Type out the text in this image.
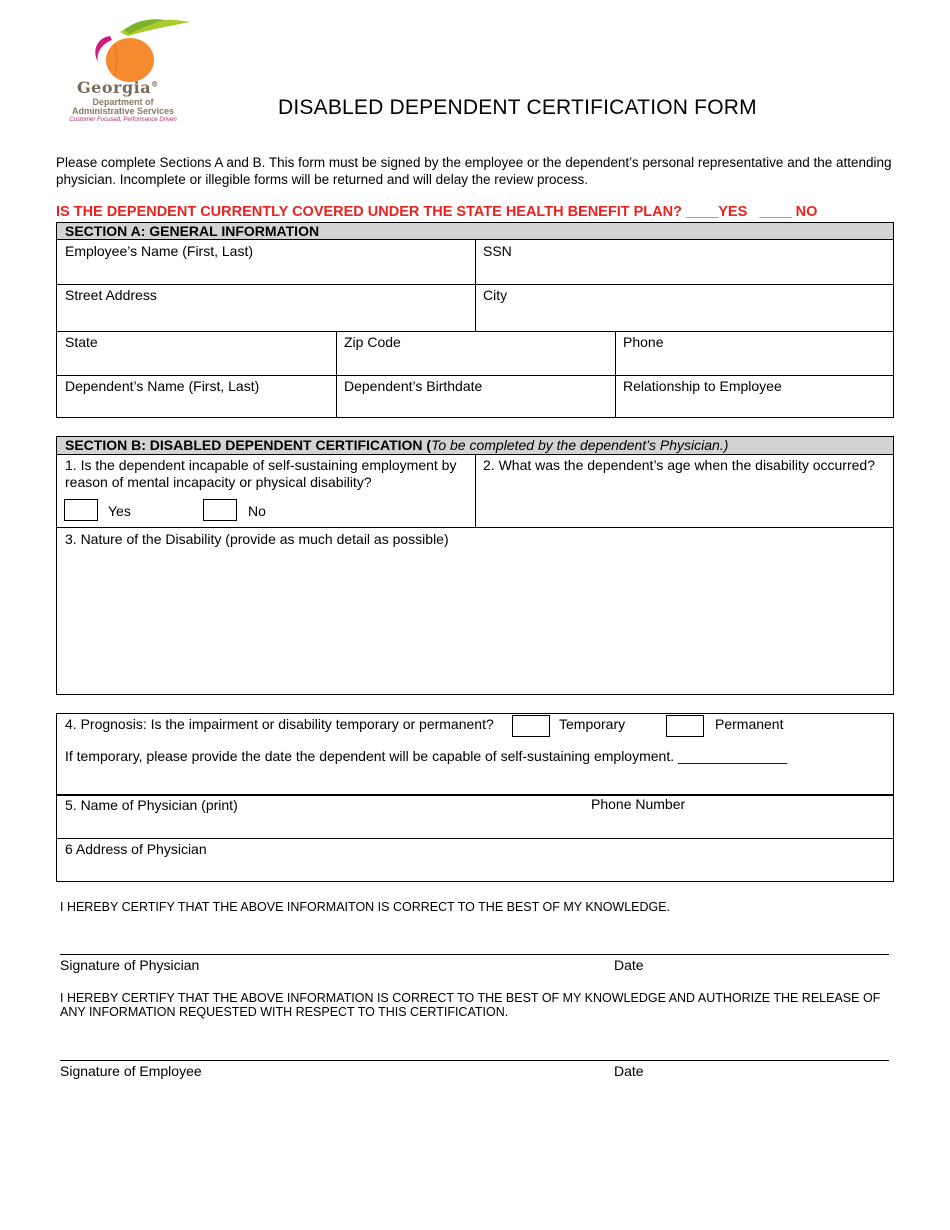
Georgia®
Department of
Administrative Services
Customer Focused, Performance Driven
DISABLED DEPENDENT CERTIFICATION FORM
Please complete Sections A and B. This form must be signed by the employee or the dependent’s personal representative and the attending physician. Incomplete or illegible forms will be returned and will delay the review process.
IS THE DEPENDENT CURRENTLY COVERED UNDER THE STATE HEALTH BENEFIT PLAN? ____YES ____ NO
SECTION A: GENERAL INFORMATION
Employee’s Name (First, Last)	SSN
Street Address	City
State	Zip Code	Phone
Dependent’s Name (First, Last)	Dependent’s Birthdate	Relationship to Employee
SECTION B: DISABLED DEPENDENT CERTIFICATION (To be completed by the dependent’s Physician.)
1. Is the dependent incapable of self-sustaining employment by reason of mental incapacity or physical disability?
Yes	No
2. What was the dependent’s age when the disability occurred?
3. Nature of the Disability (provide as much detail as possible)
4. Prognosis: Is the impairment or disability temporary or permanent?	Temporary	Permanent
If temporary, please provide the date the dependent will be capable of self-sustaining employment. ______________
5. Name of Physician (print)	Phone Number
6 Address of Physician
I HEREBY CERTIFY THAT THE ABOVE INFORMAITON IS CORRECT TO THE BEST OF MY KNOWLEDGE.
Signature of Physician	Date
I HEREBY CERTIFY THAT THE ABOVE INFORMATION IS CORRECT TO THE BEST OF MY KNOWLEDGE AND AUTHORIZE THE RELEASE OF ANY INFORMATION REQUESTED WITH RESPECT TO THIS CERTIFICATION.
Signature of Employee	Date
